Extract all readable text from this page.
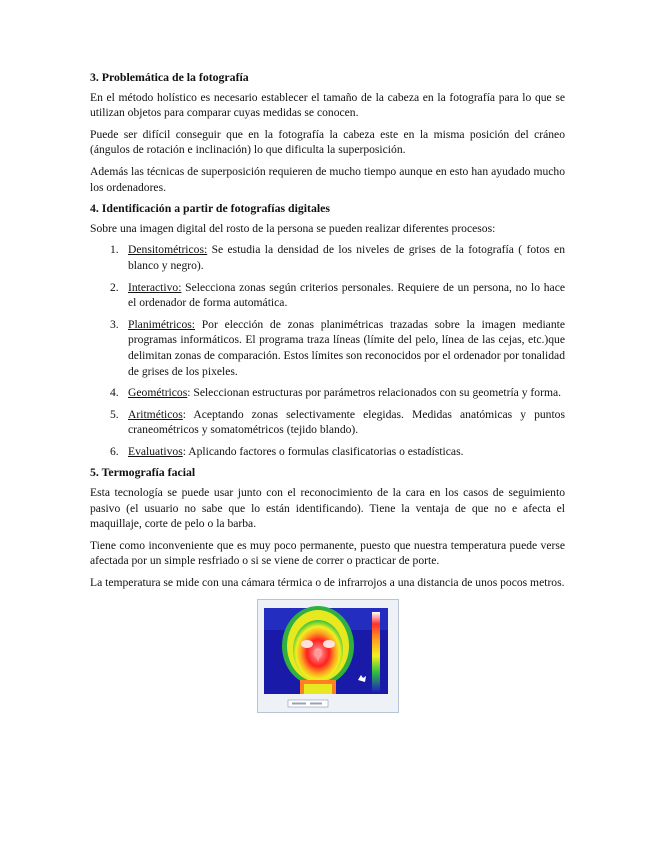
3. Problemática de la fotografía

En el método holístico es necesario establecer el tamaño de la cabeza en la fotografía para lo que se utilizan objetos para comparar cuyas medidas se conocen.

Puede ser difícil conseguir que en la fotografía la cabeza este en la misma posición del cráneo (ángulos de rotación e inclinación) lo que dificulta la superposición.

Además las técnicas de superposición requieren de mucho tiempo aunque en esto han ayudado mucho los ordenadores.

4. Identificación a partir de fotografías digitales

Sobre una imagen digital del rosto de la persona se pueden realizar diferentes procesos:

1. Densitométricos: Se estudia la densidad de los niveles de grises de la fotografía ( fotos en blanco y negro).
2. Interactivo: Selecciona zonas según criterios personales. Requiere de un persona, no lo hace el ordenador de forma automática.
3. Planimétricos: Por elección de zonas planimétricas trazadas sobre la imagen mediante programas informáticos. El programa traza líneas (límite del pelo, línea de las cejas, etc.)que delimitan zonas de comparación. Estos límites son reconocidos por el ordenador por tonalidad de grises de los pixeles.
4. Geométricos: Seleccionan estructuras por parámetros relacionados con su geometría y forma.
5. Aritméticos: Aceptando zonas selectivamente elegidas. Medidas anatómicas y puntos craneométricos y somatométricos (tejido blando).
6. Evaluativos: Aplicando factores o formulas clasificatorias o estadísticas.
5. Termografía facial

Esta tecnología se puede usar junto con el reconocimiento de la cara en los casos de seguimiento pasivo (el usuario no sabe que lo están identificando). Tiene la ventaja de que no e afecta el maquillaje, corte de pelo o la barba.

Tiene como inconveniente que es muy poco permanente, puesto que nuestra temperatura puede verse afectada por un simple resfriado o si se viene de correr o practicar de porte.

La temperatura se mide con una cámara térmica o de infrarrojos a una distancia de unos pocos metros.
